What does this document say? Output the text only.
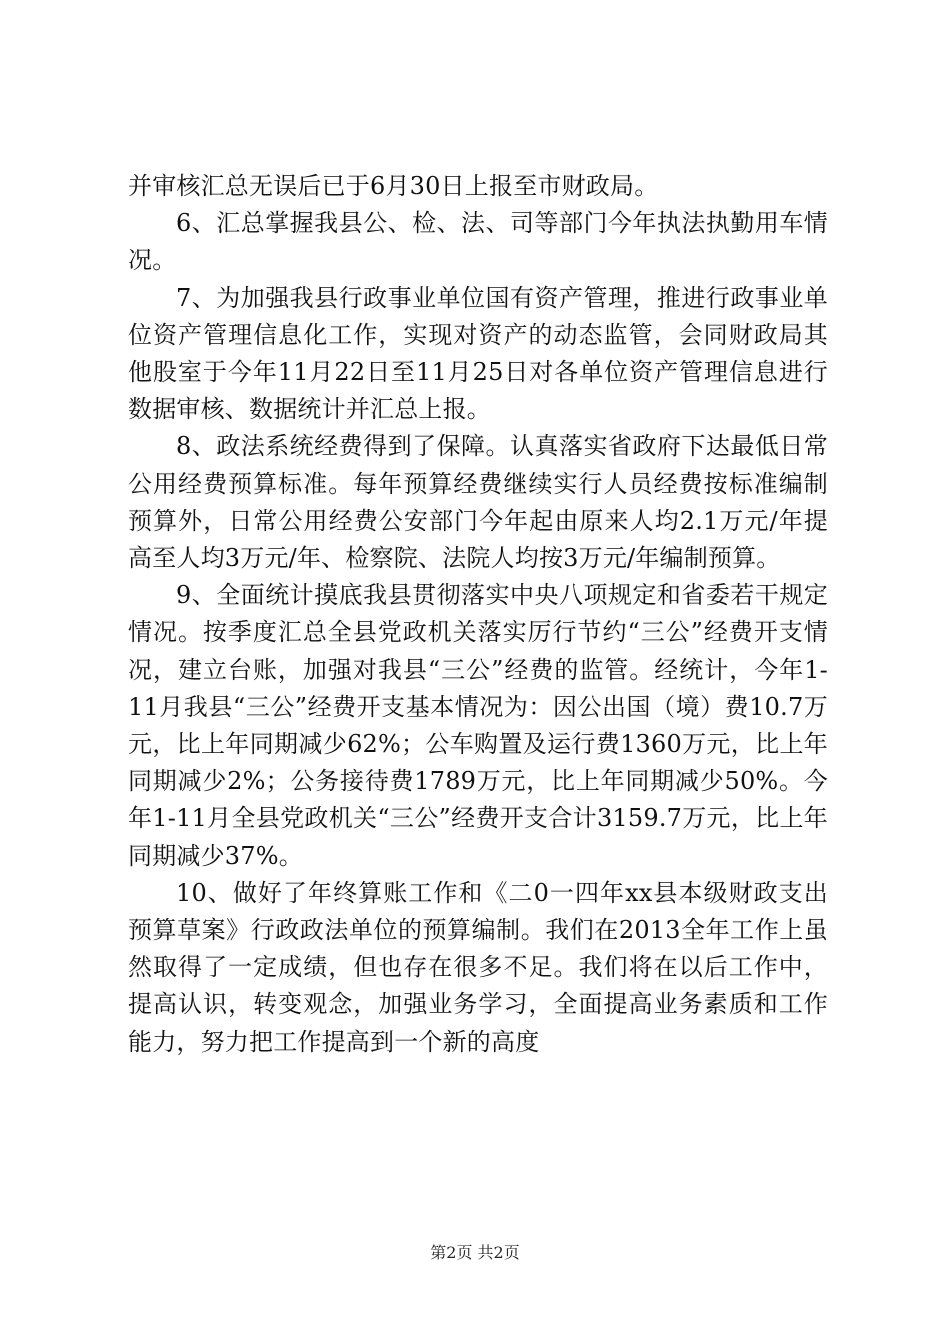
并审核汇总无误后已于6月30日上报至市财政局。

6、汇总掌握我县公、检、法、司等部门今年执法执勤用车情况。

7、为加强我县行政事业单位国有资产管理，推进行政事业单位资产管理信息化工作，实现对资产的动态监管，会同财政局其他股室于今年11月22日至11月25日对各单位资产管理信息进行数据审核、数据统计并汇总上报。

8、政法系统经费得到了保障。认真落实省政府下达最低日常公用经费预算标准。每年预算经费继续实行人员经费按标准编制预算外，日常公用经费公安部门今年起由原来人均2.1万元/年提高至人均3万元/年、检察院、法院人均按3万元/年编制预算。

9、全面统计摸底我县贯彻落实中央八项规定和省委若干规定情况。按季度汇总全县党政机关落实厉行节约“三公”经费开支情况，建立台账，加强对我县“三公”经费的监管。经统计，今年1-11月我县“三公”经费开支基本情况为：因公出国（境）费10.7万元，比上年同期减少62%；公车购置及运行费1360万元，比上年同期减少2%；公务接待费1789万元，比上年同期减少50%。今年1-11月全县党政机关“三公”经费开支合计3159.7万元，比上年同期减少37%。

10、做好了年终算账工作和《二0一四年xx县本级财政支出预算草案》行政政法单位的预算编制。我们在2013全年工作上虽然取得了一定成绩，但也存在很多不足。我们将在以后工作中，提高认识，转变观念，加强业务学习，全面提高业务素质和工作能力，努力把工作提高到一个新的高度

第2页 共2页
